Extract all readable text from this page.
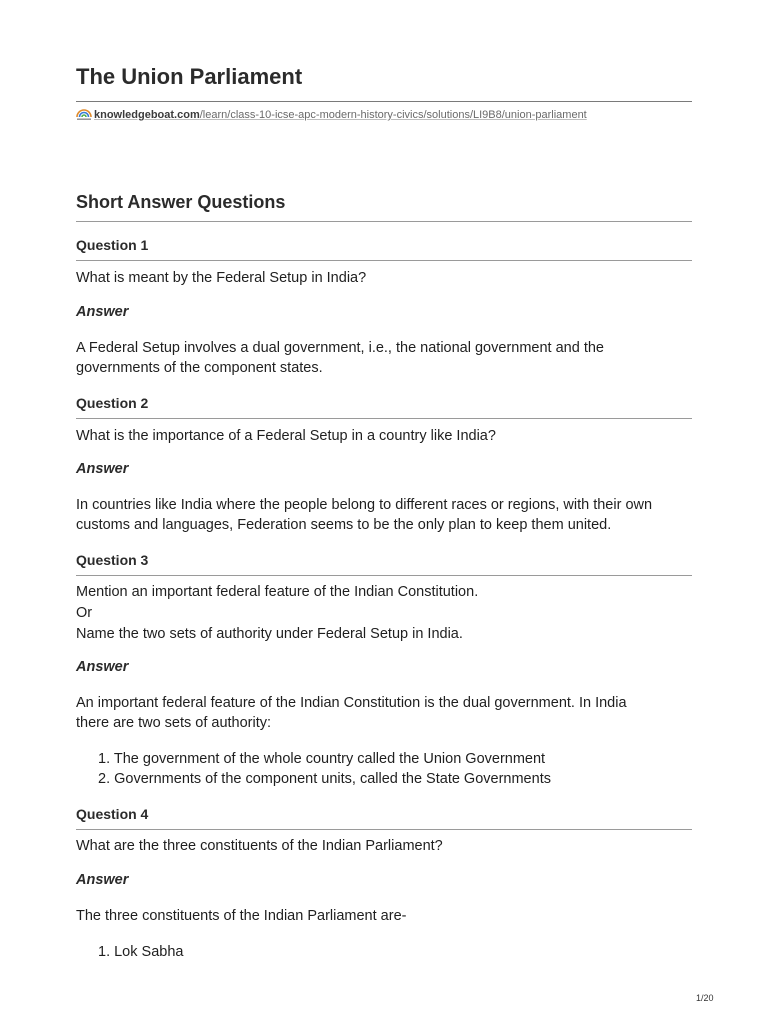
The Union Parliament
knowledgeboat.com /learn/class-10-icse-apc-modern-history-civics/solutions/LI9B8/union-parliament
Short Answer Questions
Question 1

What is meant by the Federal Setup in India?

Answer

A Federal Setup involves a dual government, i.e., the national government and the

governments of the component states.

Question 2

What is the importance of a Federal Setup in a country like India?

Answer

In countries like India where the people belong to different races or regions, with their own

customs and languages, Federation seems to be the only plan to keep them united.

Question 3

Mention an important federal feature of the Indian Constitution.

Or

Name the two sets of authority under Federal Setup in India.

Answer

An important federal feature of the Indian Constitution is the dual government. In India

there are two sets of authority:

1. The government of the whole country called the Union Government

2. Governments of the component units, called the State Governments

Question 4

What are the three constituents of the Indian Parliament?

Answer

The three constituents of the Indian Parliament are-

1. Lok Sabha

1/20
